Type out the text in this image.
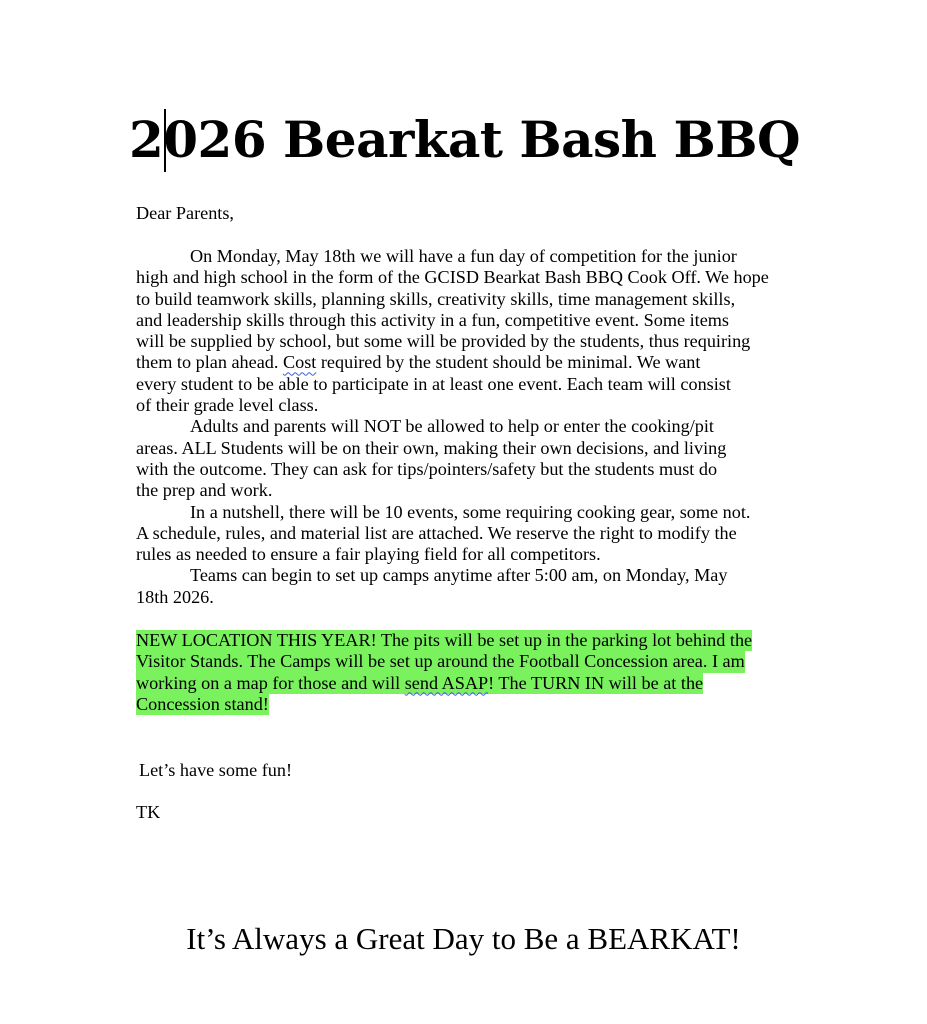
2026 Bearkat Bash BBQ

Dear Parents,

On Monday, May 18th we will have a fun day of competition for the junior
high and high school in the form of the GCISD Bearkat Bash BBQ Cook Off. We hope
to build teamwork skills, planning skills, creativity skills, time management skills,
and leadership skills through this activity in a fun, competitive event. Some items
will be supplied by school, but some will be provided by the students, thus requiring
them to plan ahead. Cost required by the student should be minimal. We want
every student to be able to participate in at least one event. Each team will consist
of their grade level class.
Adults and parents will NOT be allowed to help or enter the cooking/pit
areas. ALL Students will be on their own, making their own decisions, and living
with the outcome. They can ask for tips/pointers/safety but the students must do
the prep and work.
In a nutshell, there will be 10 events, some requiring cooking gear, some not.
A schedule, rules, and material list are attached. We reserve the right to modify the
rules as needed to ensure a fair playing field for all competitors.
Teams can begin to set up camps anytime after 5:00 am, on Monday, May
18th 2026.
NEW LOCATION THIS YEAR! The pits will be set up in the parking lot behind the
Visitor Stands. The Camps will be set up around the Football Concession area. I am
working on a map for those and will send ASAP! The TURN IN will be at the
Concession stand!

Let’s have some fun!

TK

It’s Always a Great Day to Be a BEARKAT!
